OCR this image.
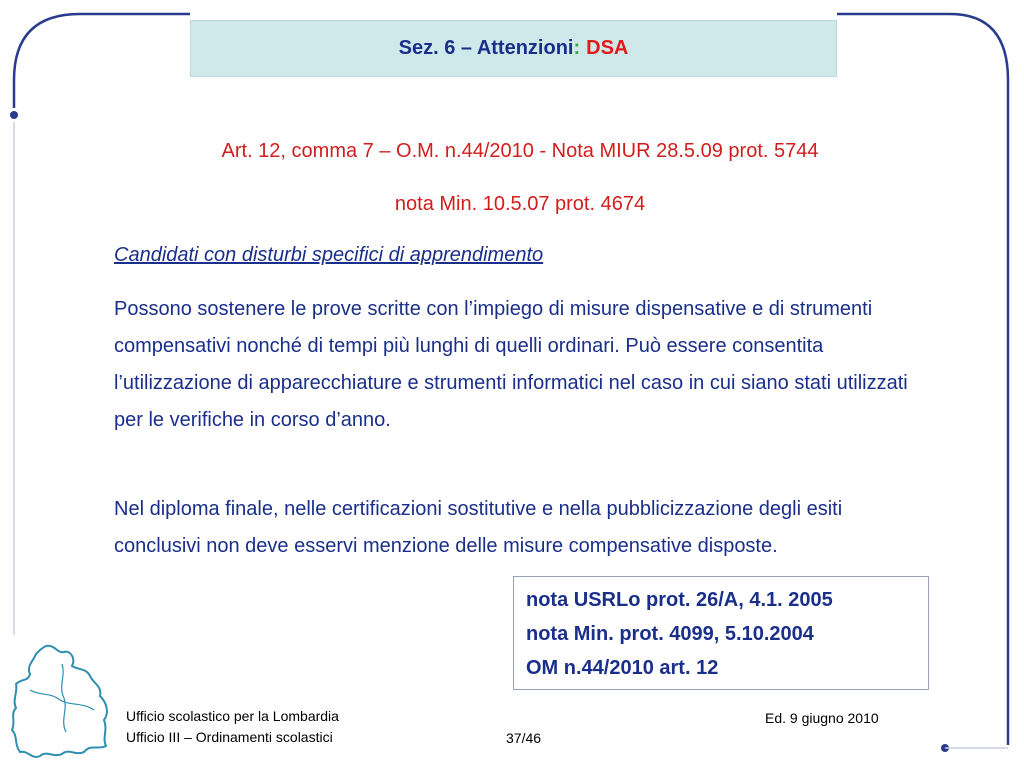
Sez. 6 – Attenzioni : DSA
Art. 12, comma 7 – O.M. n.44/2010 - Nota MIUR 28.5.09 prot. 5744
nota Min. 10.5.07 prot. 4674
Candidati con disturbi specifici di apprendimento
Possono sostenere le prove scritte con l’impiego di misure dispensative e di strumenti compensativi nonché di tempi più lunghi di quelli ordinari. Può essere consentita l’utilizzazione di apparecchiature e strumenti informatici nel caso in cui siano stati utilizzati per le verifiche in corso d’anno.
Nel diploma finale, nelle certificazioni sostitutive e nella pubblicizzazione degli esiti conclusivi non deve esservi menzione delle misure compensative disposte.
nota USRLo prot. 26/A, 4.1. 2005
nota Min. prot. 4099, 5.10.2004
OM n.44/2010 art. 12
Ufficio scolastico per la Lombardia
Ufficio III – Ordinamenti scolastici
Ed. 9 giugno 2010
37/46
